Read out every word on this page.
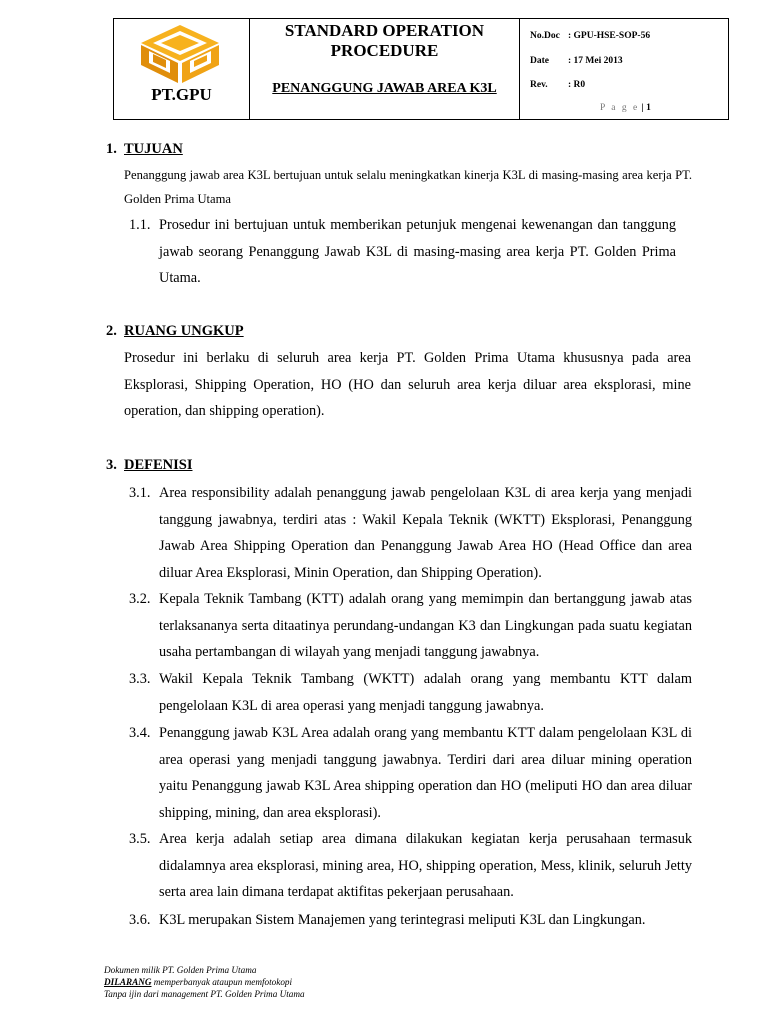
PT.GPU
STANDARD OPERATION PROCEDURE
PENANGGUNG JAWAB AREA K3L
No.Doc : GPU-HSE-SOP-56
Date	: 17 Mei 2013
Rev.	: R0
P a g e | 1
1. TUJUAN
Penanggung jawab area K3L bertujuan untuk selalu meningkatkan kinerja K3L di masing-masing area kerja PT. Golden Prima Utama
1.1. Prosedur ini bertujuan untuk memberikan petunjuk mengenai kewenangan dan tanggung jawab seorang Penanggung Jawab K3L di masing-masing area kerja PT. Golden Prima Utama.
2. RUANG UNGKUP
Prosedur ini berlaku di seluruh area kerja PT. Golden Prima Utama khususnya pada area Eksplorasi, Shipping Operation, HO (HO dan seluruh area kerja diluar area eksplorasi, mine operation, dan shipping operation).
3. DEFENISI
3.1. Area responsibility adalah penanggung jawab pengelolaan K3L di area kerja yang menjadi tanggung jawabnya, terdiri atas : Wakil Kepala Teknik (WKTT) Eksplorasi, Penanggung Jawab Area Shipping Operation dan Penanggung Jawab Area HO (Head Office dan area diluar Area Eksplorasi, Minin Operation, dan Shipping Operation).
3.2. Kepala Teknik Tambang (KTT) adalah orang yang memimpin dan bertanggung jawab atas terlaksananya serta ditaatinya perundang-undangan K3 dan Lingkungan pada suatu kegiatan usaha pertambangan di wilayah yang menjadi tanggung jawabnya.
3.3. Wakil Kepala Teknik Tambang (WKTT) adalah orang yang membantu KTT dalam pengelolaan K3L di area operasi yang menjadi tanggung jawabnya.
3.4. Penanggung jawab K3L Area adalah orang yang membantu KTT dalam pengelolaan K3L di area operasi yang menjadi tanggung jawabnya. Terdiri dari area diluar mining operation yaitu Penanggung jawab K3L Area shipping operation dan HO (meliputi HO dan area diluar shipping, mining, dan area eksplorasi).
3.5. Area kerja adalah setiap area dimana dilakukan kegiatan kerja perusahaan termasuk didalamnya area eksplorasi, mining area, HO, shipping operation, Mess, klinik, seluruh Jetty serta area lain dimana terdapat aktifitas pekerjaan perusahaan.
3.6. K3L merupakan Sistem Manajemen yang terintegrasi meliputi K3L dan Lingkungan.
Dokumen milik PT. Golden Prima Utama
DILARANG memperbanyak ataupun memfotokopi
Tanpa ijin dari management PT. Golden Prima Utama
